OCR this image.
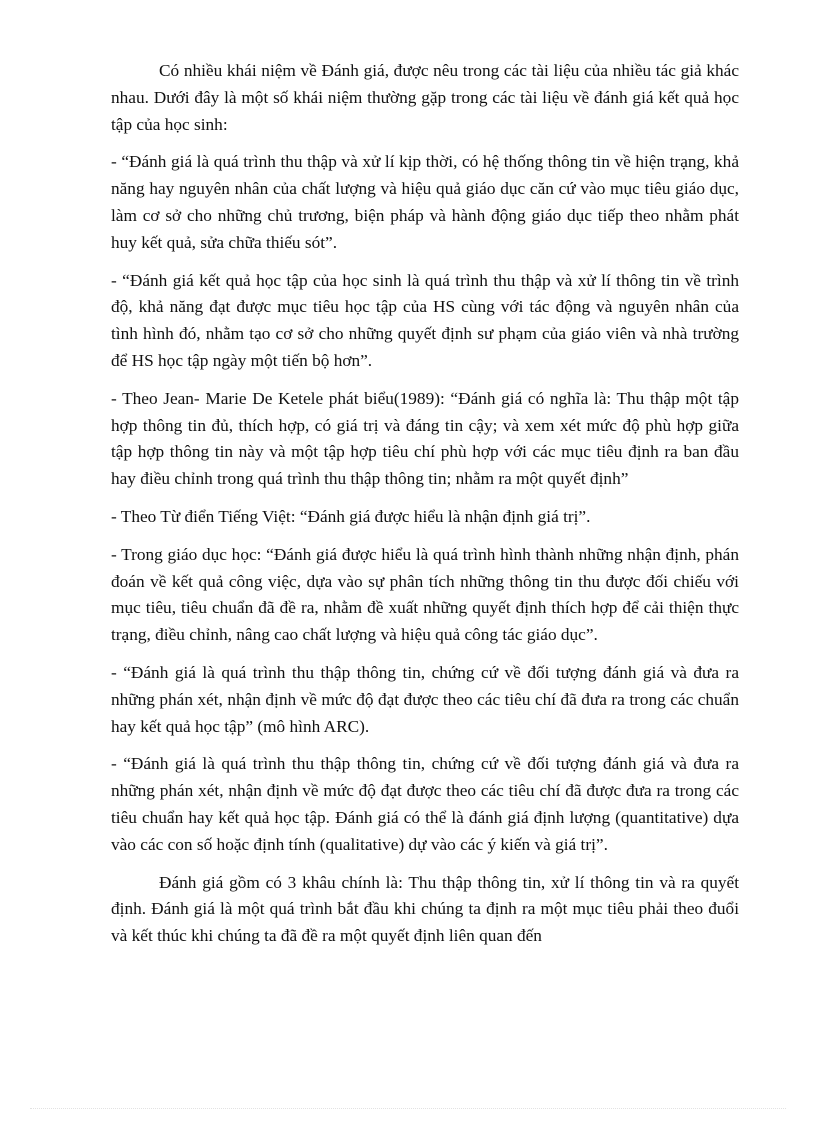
Có nhiều khái niệm về Đánh giá, được nêu trong các tài liệu của nhiều tác giả khác nhau. Dưới đây là một số khái niệm thường gặp trong các tài liệu về đánh giá kết quả học tập của học sinh:

- “Đánh giá là quá trình thu thập và xử lí kịp thời, có hệ thống thông tin về hiện trạng, khả năng hay nguyên nhân của chất lượng và hiệu quả giáo dục căn cứ vào mục tiêu giáo dục, làm cơ sở cho những chủ trương, biện pháp và hành động giáo dục tiếp theo nhằm phát huy kết quả, sửa chữa thiếu sót”.

- “Đánh giá kết quả học tập của học sinh là quá trình thu thập và xử lí thông tin về trình độ, khả năng đạt được mục tiêu học tập của HS cùng với tác động và nguyên nhân của tình hình đó, nhằm tạo cơ sở cho những quyết định sư phạm của giáo viên và nhà trường để HS học tập ngày một tiến bộ hơn”.

- Theo Jean- Marie De Ketele phát biểu(1989): “Đánh giá có nghĩa là: Thu thập một tập hợp thông tin đủ, thích hợp, có giá trị và đáng tin cậy; và xem xét mức độ phù hợp giữa tập hợp thông tin này và một tập hợp tiêu chí phù hợp với các mục tiêu định ra ban đầu hay điều chỉnh trong quá trình thu thập thông tin; nhằm ra một quyết định”

- Theo Từ điển Tiếng Việt: “Đánh giá được hiểu là nhận định giá trị”.

- Trong giáo dục học: “Đánh giá được hiểu là quá trình hình thành những nhận định, phán đoán về kết quả công việc, dựa vào sự phân tích những thông tin thu được đối chiếu với mục tiêu, tiêu chuẩn đã đề ra, nhằm đề xuất những quyết định thích hợp để cải thiện thực trạng, điều chỉnh, nâng cao chất lượng và hiệu quả công tác giáo dục”.

- “Đánh giá là quá trình thu thập thông tin, chứng cứ về đối tượng đánh giá và đưa ra những phán xét, nhận định về mức độ đạt được theo các tiêu chí đã đưa ra trong các chuẩn hay kết quả học tập” (mô hình ARC).

- “Đánh giá là quá trình thu thập thông tin, chứng cứ về đối tượng đánh giá và đưa ra những phán xét, nhận định về mức độ đạt được theo các tiêu chí đã được đưa ra trong các tiêu chuẩn hay kết quả học tập. Đánh giá có thể là đánh giá định lượng (quantitative) dựa vào các con số hoặc định tính (qualitative) dự vào các ý kiến và giá trị”.

Đánh giá gồm có 3 khâu chính là: Thu thập thông tin, xử lí thông tin và ra quyết định. Đánh giá là một quá trình bắt đầu khi chúng ta định ra một mục tiêu phải theo đuổi và kết thúc khi chúng ta đã đề ra một quyết định liên quan đến
